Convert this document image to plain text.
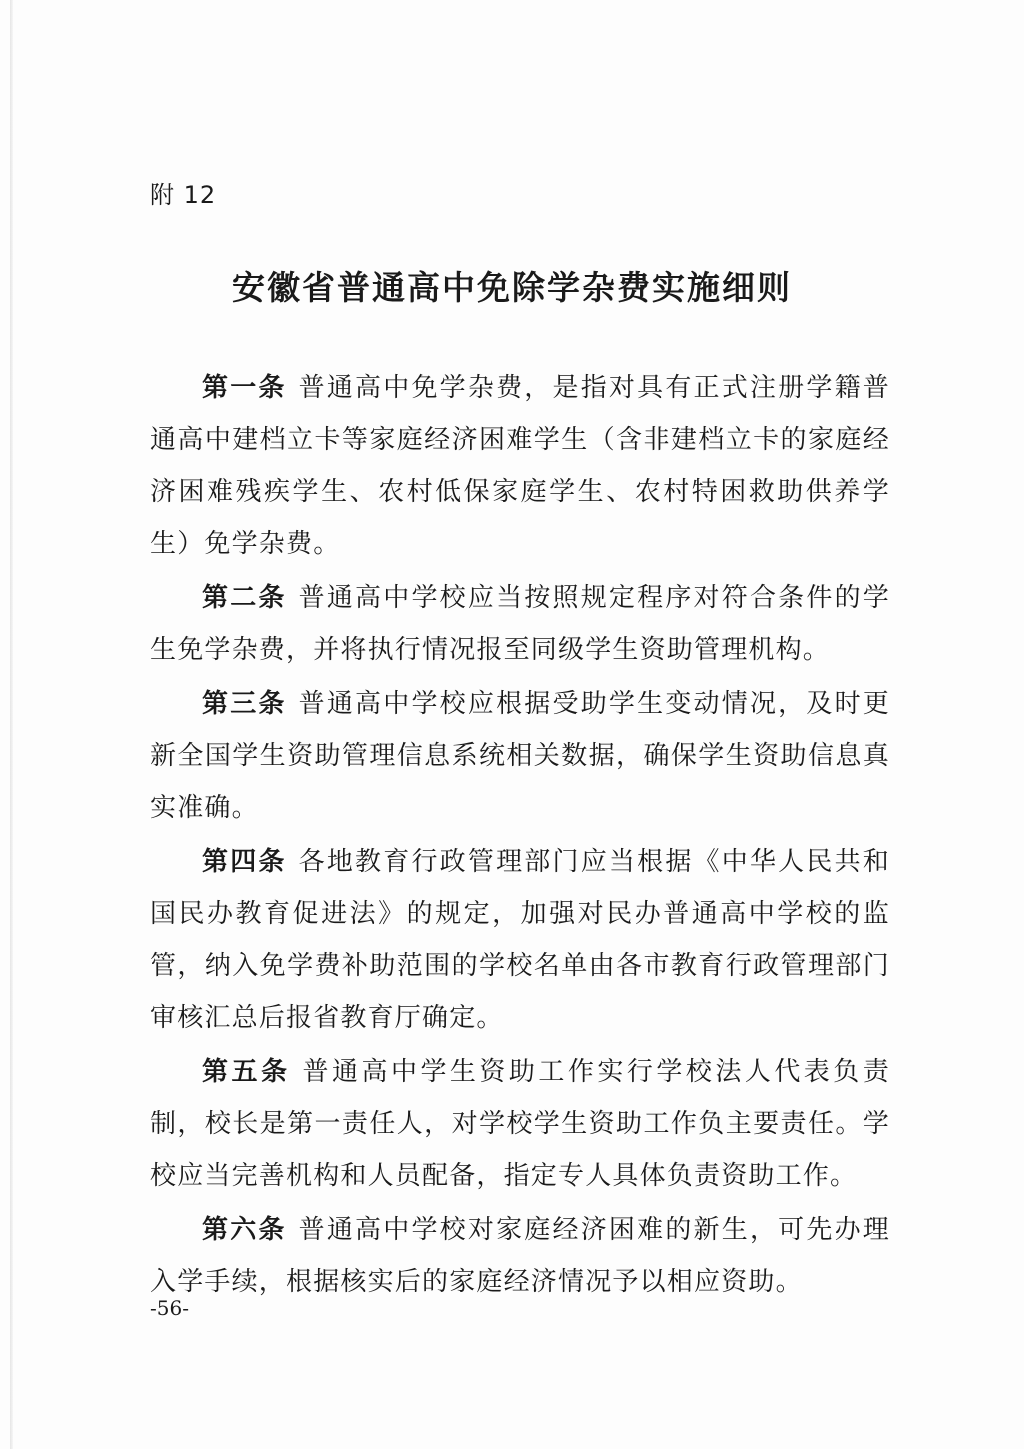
附 12
安徽省普通高中免除学杂费实施细则

第一条 普通高中免学杂费，是指对具有正式注册学籍普通高中建档立卡等家庭经济困难学生（含非建档立卡的家庭经济困难残疾学生、农村低保家庭学生、农村特困救助供养学生）免学杂费。

第二条 普通高中学校应当按照规定程序对符合条件的学生免学杂费，并将执行情况报至同级学生资助管理机构。

第三条 普通高中学校应根据受助学生变动情况，及时更新全国学生资助管理信息系统相关数据，确保学生资助信息真实准确。

第四条 各地教育行政管理部门应当根据《中华人民共和国民办教育促进法》的规定，加强对民办普通高中学校的监管，纳入免学费补助范围的学校名单由各市教育行政管理部门审核汇总后报省教育厅确定。

第五条 普通高中学生资助工作实行学校法人代表负责制，校长是第一责任人，对学校学生资助工作负主要责任。学校应当完善机构和人员配备，指定专人具体负责资助工作。

第六条 普通高中学校对家庭经济困难的新生，可先办理入学手续，根据核实后的家庭经济情况予以相应资助。

-56-
